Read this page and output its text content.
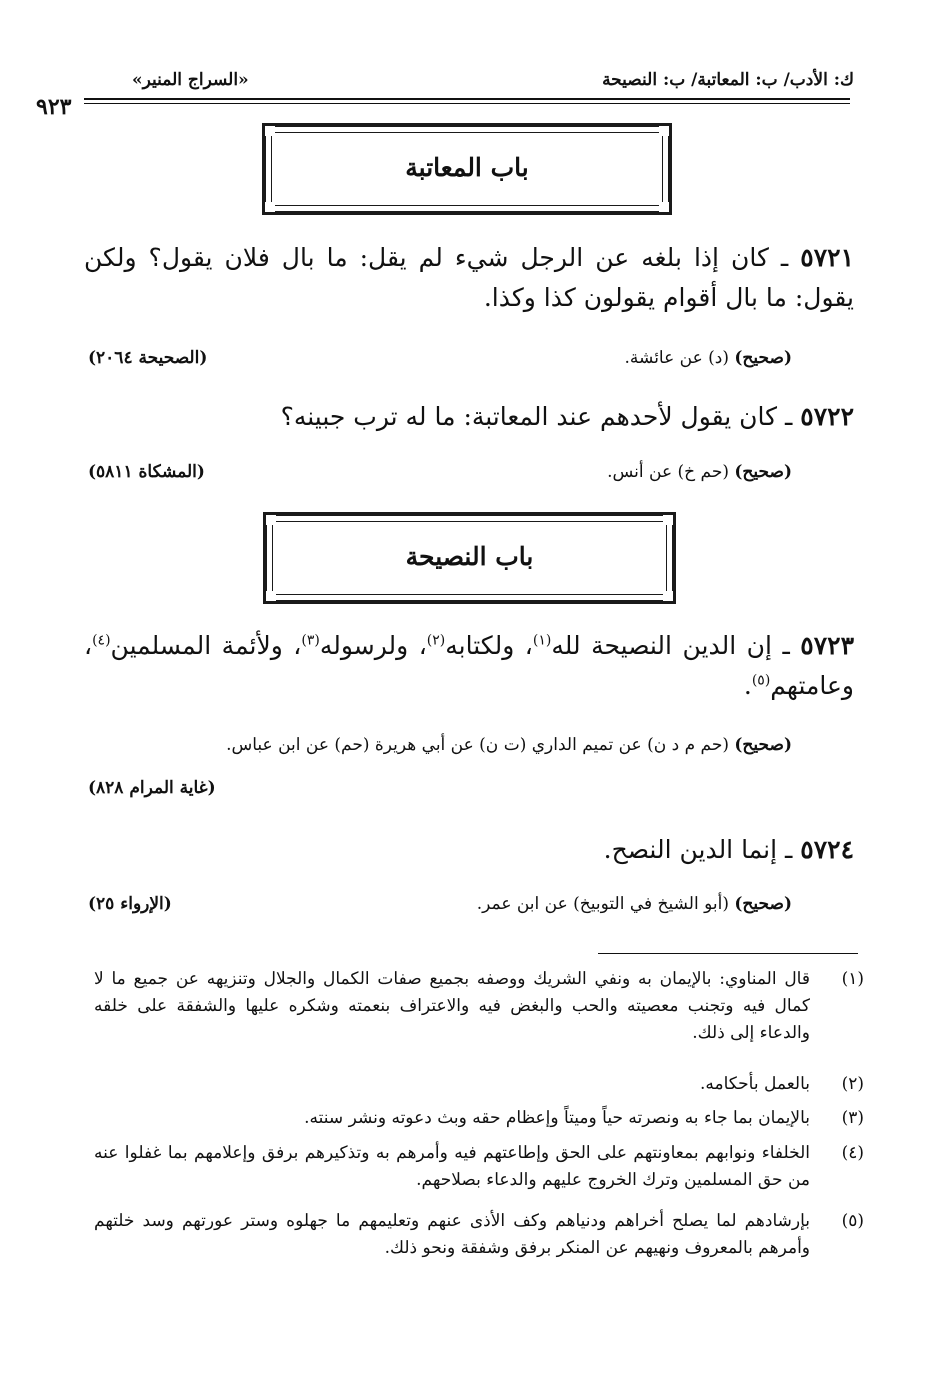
ك: الأدب/ ب: المعاتبة/ ب: النصيحة
«السراج المنير»
٩٢٣
باب المعاتبة
٥٧٢١ ـ كان إذا بلغه عن الرجل شيء لم يقل: ما بال فلان يقول؟ ولكن يقول: ما بال أقوام يقولون كذا وكذا.
(صحيح) (د) عن عائشة.
(الصحيحة ٢٠٦٤)
٥٧٢٢ ـ كان يقول لأحدهم عند المعاتبة: ما له ترب جبينه؟
(صحيح) (حم خ) عن أنس.
(المشكاة ٥٨١١)
باب النصيحة
٥٧٢٣ ـ إن الدين النصيحة لله$^{(١)}$، ولكتابه$^{(٢)}$، ولرسوله$^{(٣)}$، ولأئمة المسلمين$^{(٤)}$، وعامتهم$^{(٥)}$.
(صحيح) (حم م د ن) عن تميم الداري (ت ن) عن أبي هريرة (حم) عن ابن عباس.
(غاية المرام ٨٢٨)
٥٧٢٤ ـ إنما الدين النصح.
(صحيح) (أبو الشيخ في التوبيخ) عن ابن عمر.
(الإرواء ٢٥)
(١)
قال المناوي: بالإيمان به ونفي الشريك ووصفه بجميع صفات الكمال والجلال وتنزيهه عن جميع ما لا كمال فيه وتجنب معصيته والحب والبغض فيه والاعتراف بنعمته وشكره عليها والشفقة على خلقه والدعاء إلى ذلك.
(٢)
بالعمل بأحكامه.
(٣)
بالإيمان بما جاء به ونصرته حياً وميتاً وإعظام حقه وبث دعوته ونشر سنته.
(٤)
الخلفاء ونوابهم بمعاونتهم على الحق وإطاعتهم فيه وأمرهم به وتذكيرهم برفق وإعلامهم بما غفلوا عنه من حق المسلمين وترك الخروج عليهم والدعاء بصلاحهم.
(٥)
بإرشادهم لما يصلح أخراهم ودنياهم وكف الأذى عنهم وتعليمهم ما جهلوه وستر عورتهم وسد خلتهم وأمرهم بالمعروف ونهيهم عن المنكر برفق وشفقة ونحو ذلك.
